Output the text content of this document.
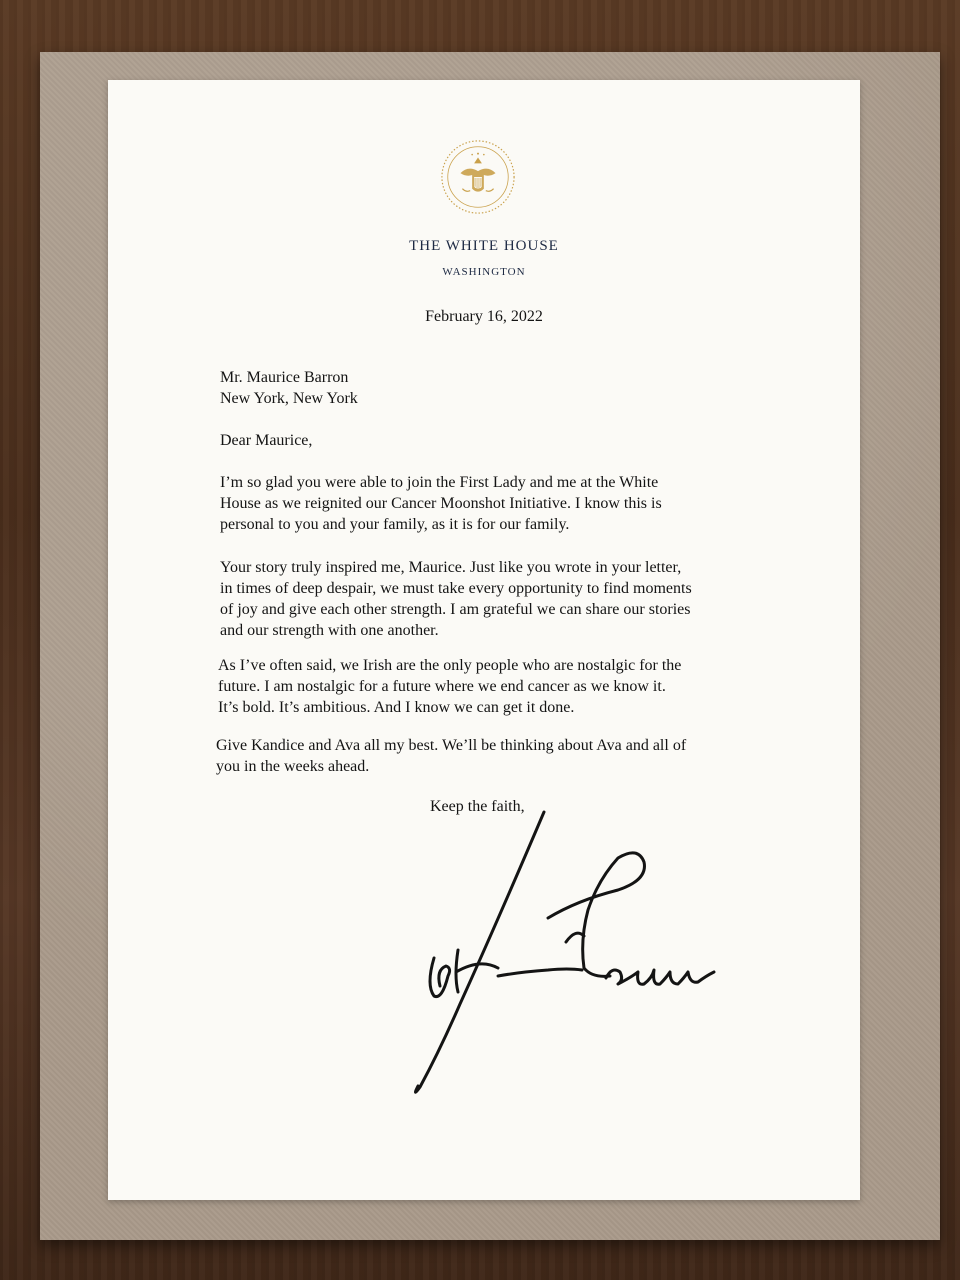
THE WHITE HOUSE
WASHINGTON
February 16, 2022
Mr. Maurice Barron
New York, New York
Dear Maurice,
I’m so glad you were able to join the First Lady and me at the White
House as we reignited our Cancer Moonshot Initiative. I know this is
personal to you and your family, as it is for our family.
Your story truly inspired me, Maurice. Just like you wrote in your letter,
in times of deep despair, we must take every opportunity to find moments
of joy and give each other strength. I am grateful we can share our stories
and our strength with one another.
As I’ve often said, we Irish are the only people who are nostalgic for the
future. I am nostalgic for a future where we end cancer as we know it.
It’s bold. It’s ambitious. And I know we can get it done.
Give Kandice and Ava all my best. We’ll be thinking about Ava and all of
you in the weeks ahead.
Keep the faith,
